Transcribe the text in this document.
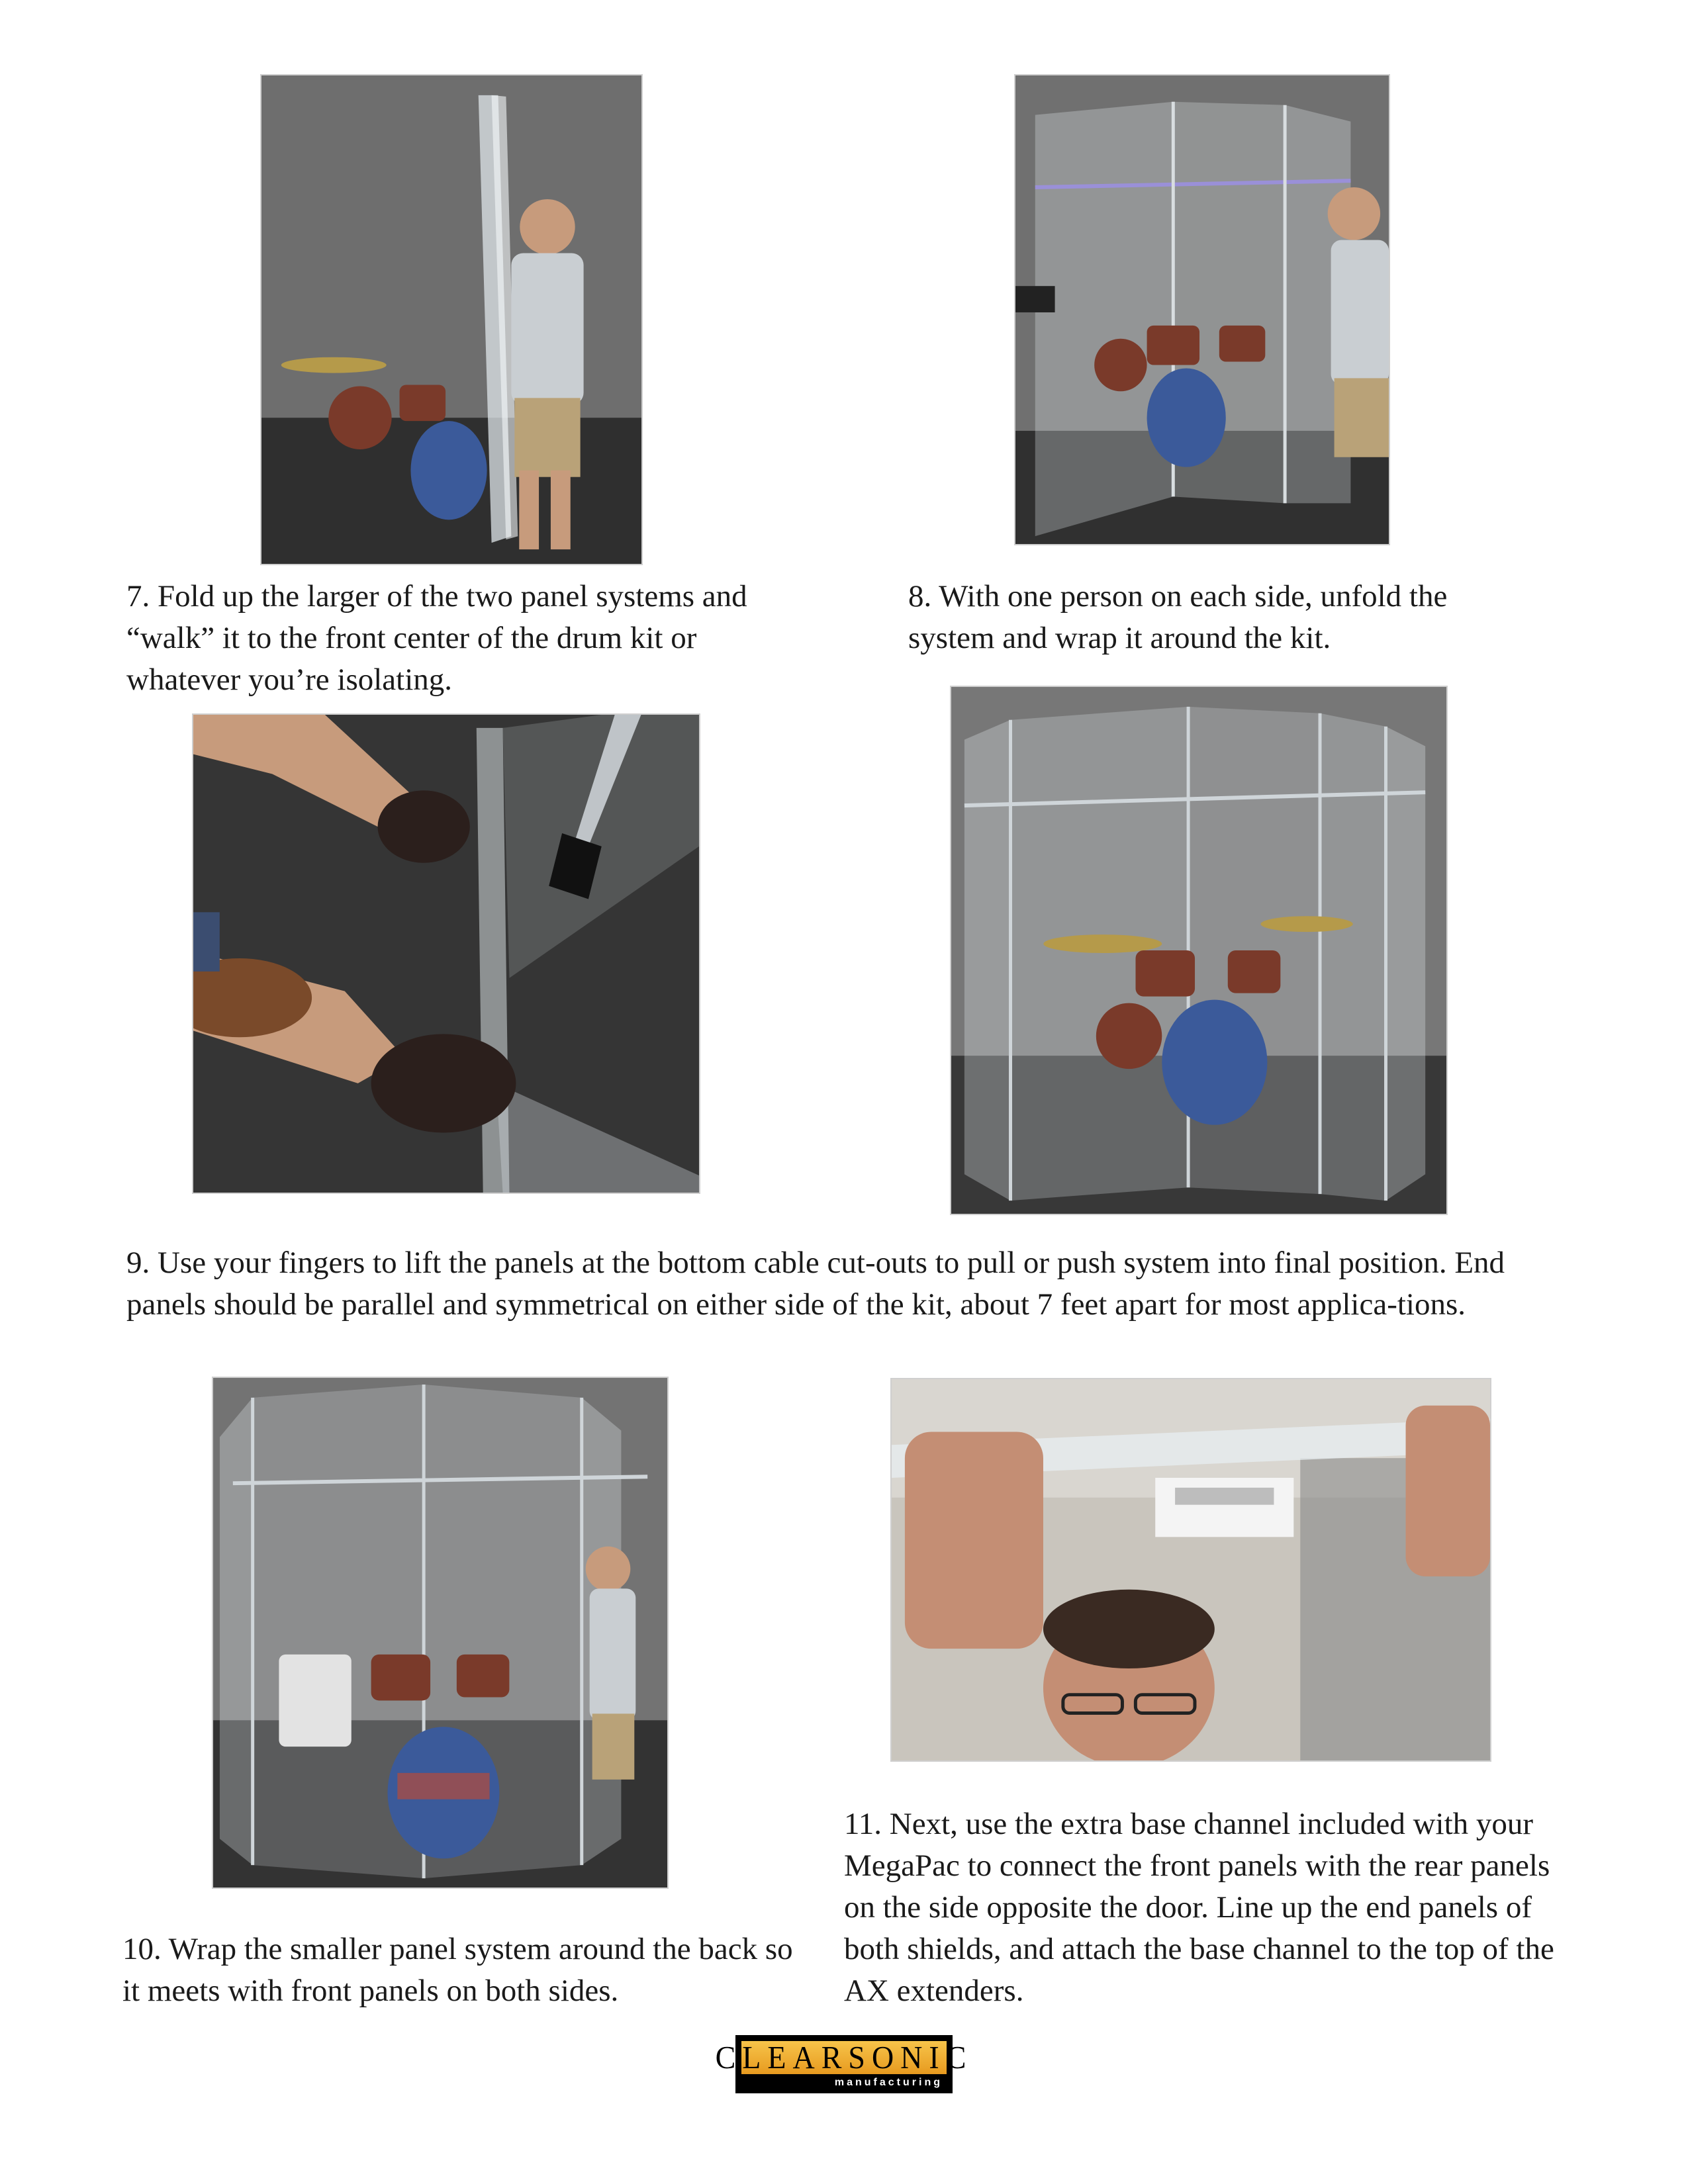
7. Fold up the larger of the two panel systems and “walk” it to the front center of the drum kit or whatever you’re isolating.

8. With one person on each side, unfold the system and wrap it around the kit.

9. Use your fingers to lift the panels at the bottom cable cut-outs to pull or push system into final position. End panels should be parallel and symmetrical on either side of the kit, about 7 feet apart for most applica-tions.

10. Wrap the smaller panel system around the back so it meets with front panels on both sides.

11. Next, use the extra base channel included with your MegaPac to connect the front panels with the rear panels on the side opposite the door. Line up the end panels of both shields, and attach the base channel to the top of the AX extenders.

CLEARSONIC
manufacturing
